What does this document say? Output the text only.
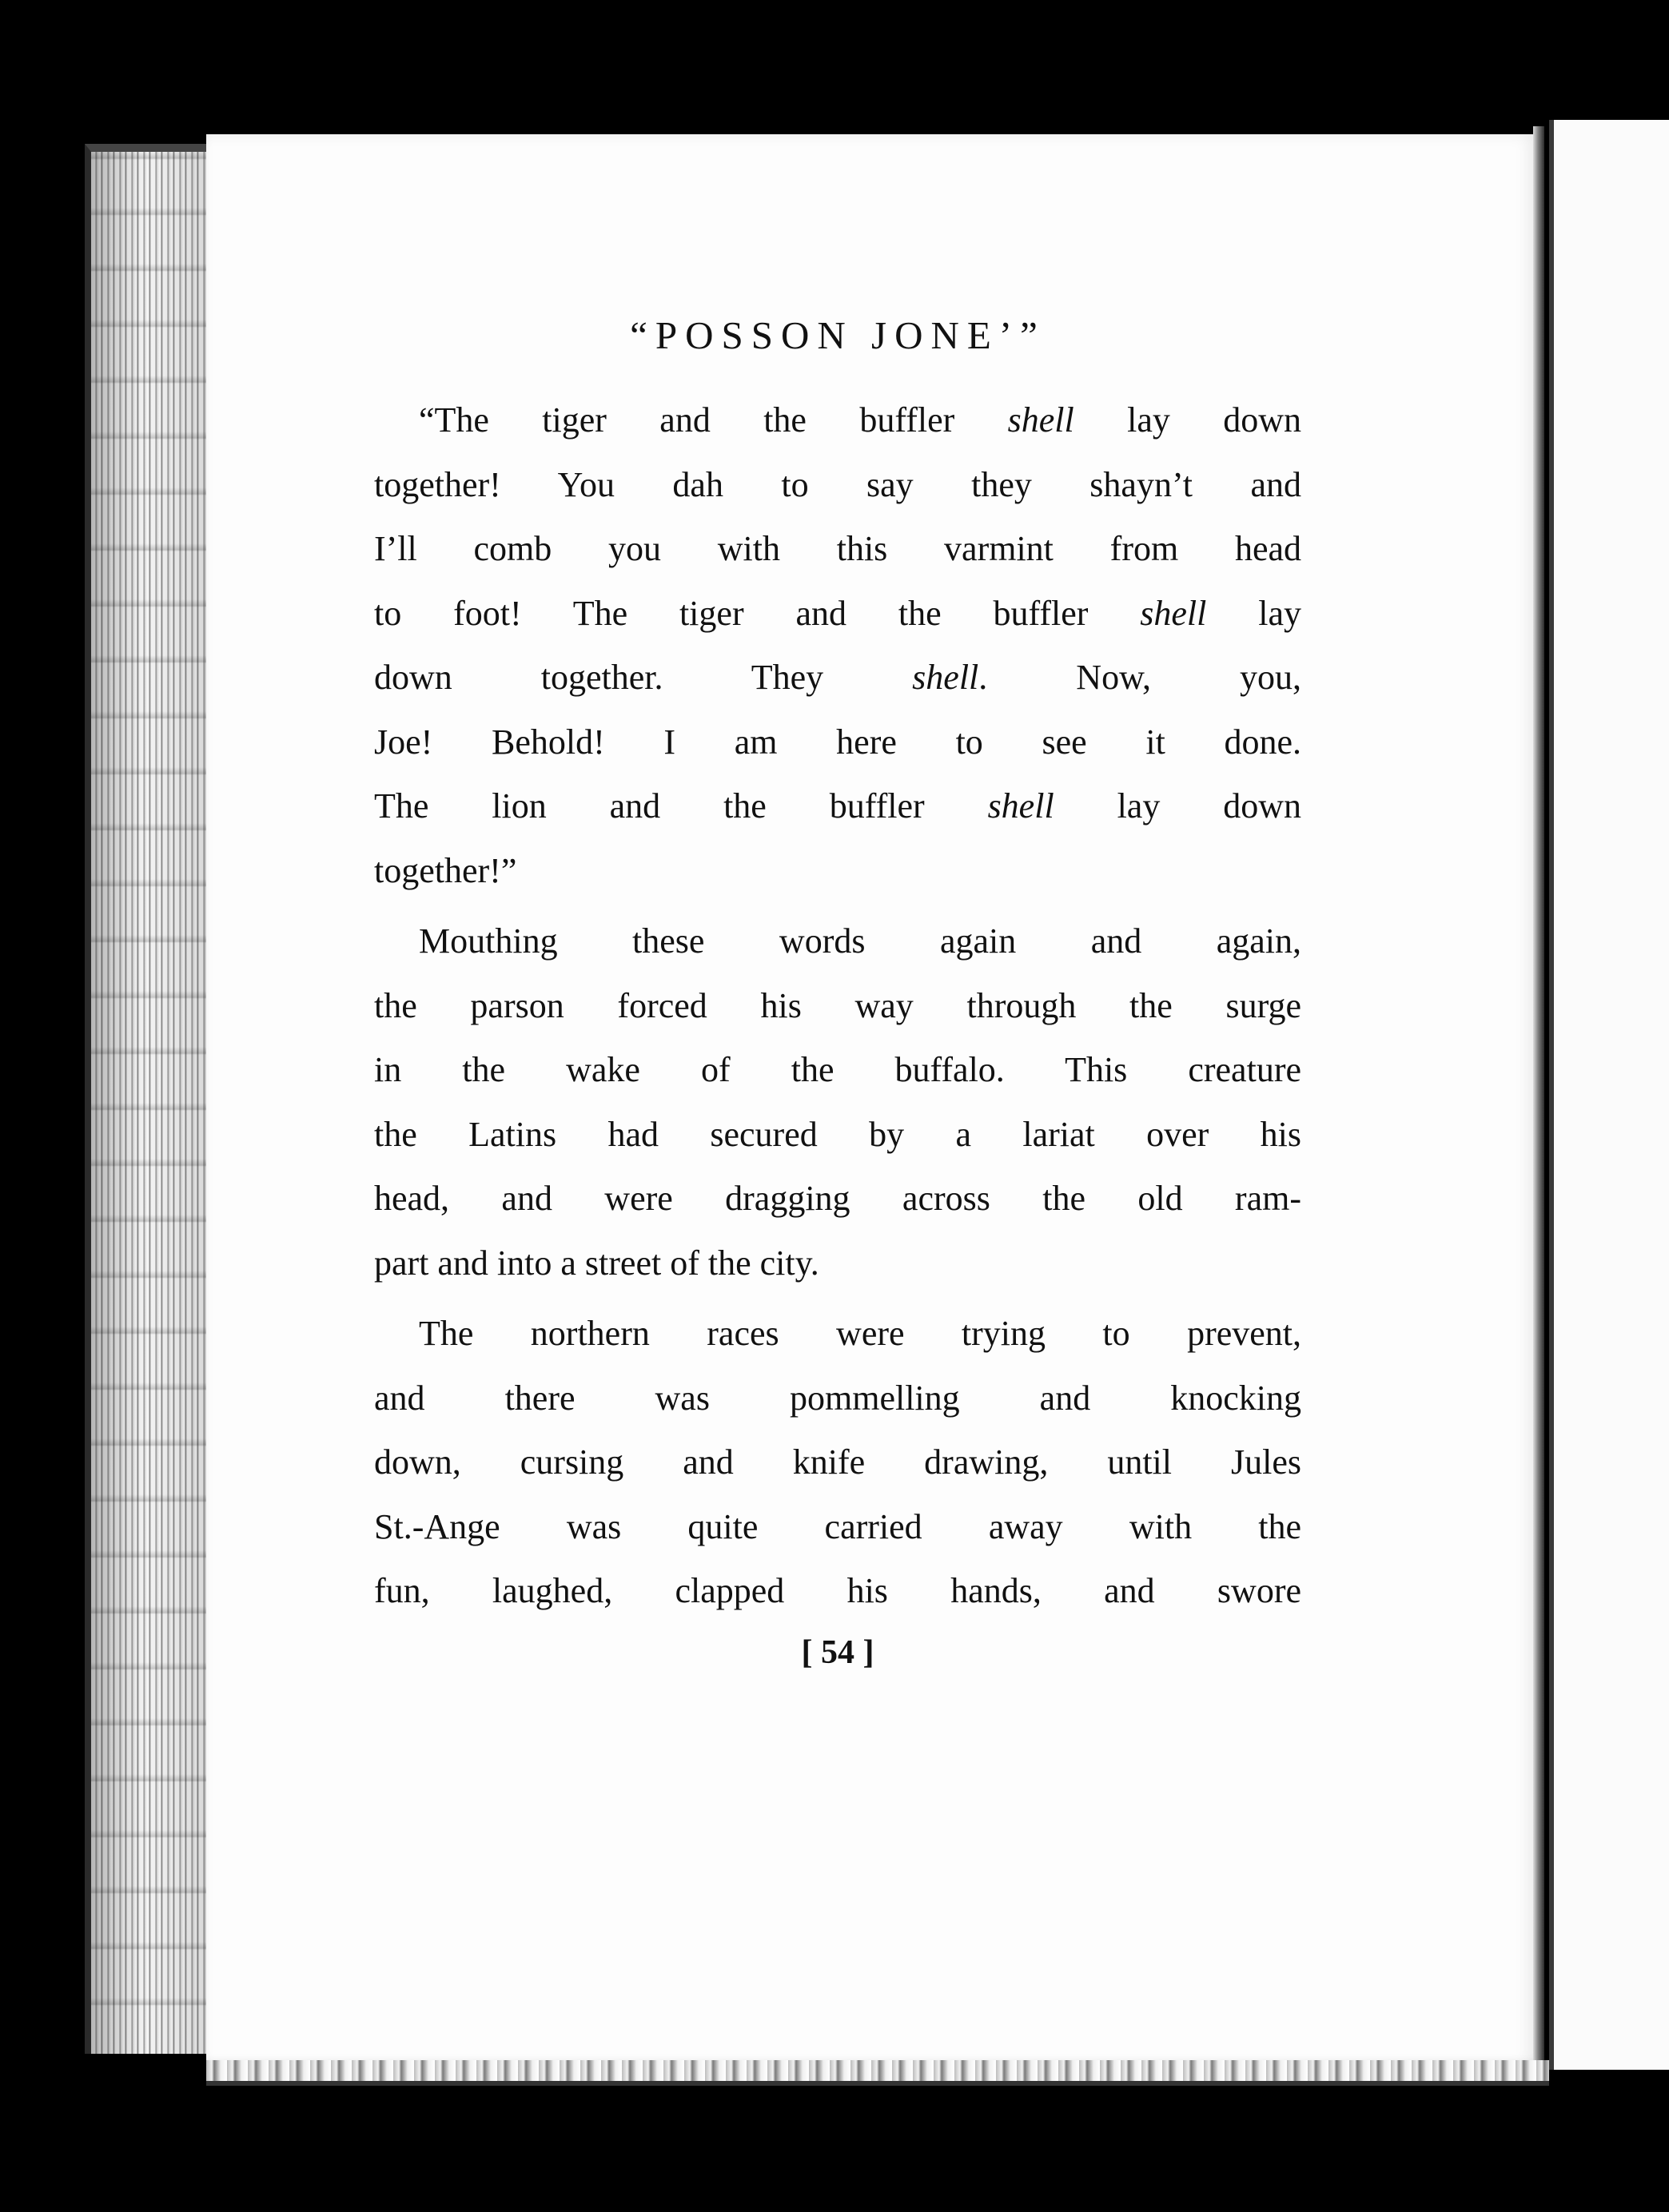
“POSSON JONE’”
“The tiger and the buffler shell lay down
together! You dah to say they shayn’t and
I’ll comb you with this varmint from head
to foot! The tiger and the buffler shell lay
down together. They shell. Now, you,
Joe! Behold! I am here to see it done.
The lion and the buffler shell lay down
together!”
Mouthing these words again and again,
the parson forced his way through the surge
in the wake of the buffalo. This creature
the Latins had secured by a lariat over his
head, and were dragging across the old ram-
part and into a street of the city.
The northern races were trying to prevent,
and there was pommelling and knocking
down, cursing and knife drawing, until Jules
St.-Ange was quite carried away with the
fun, laughed, clapped his hands, and swore
[ 54 ]
